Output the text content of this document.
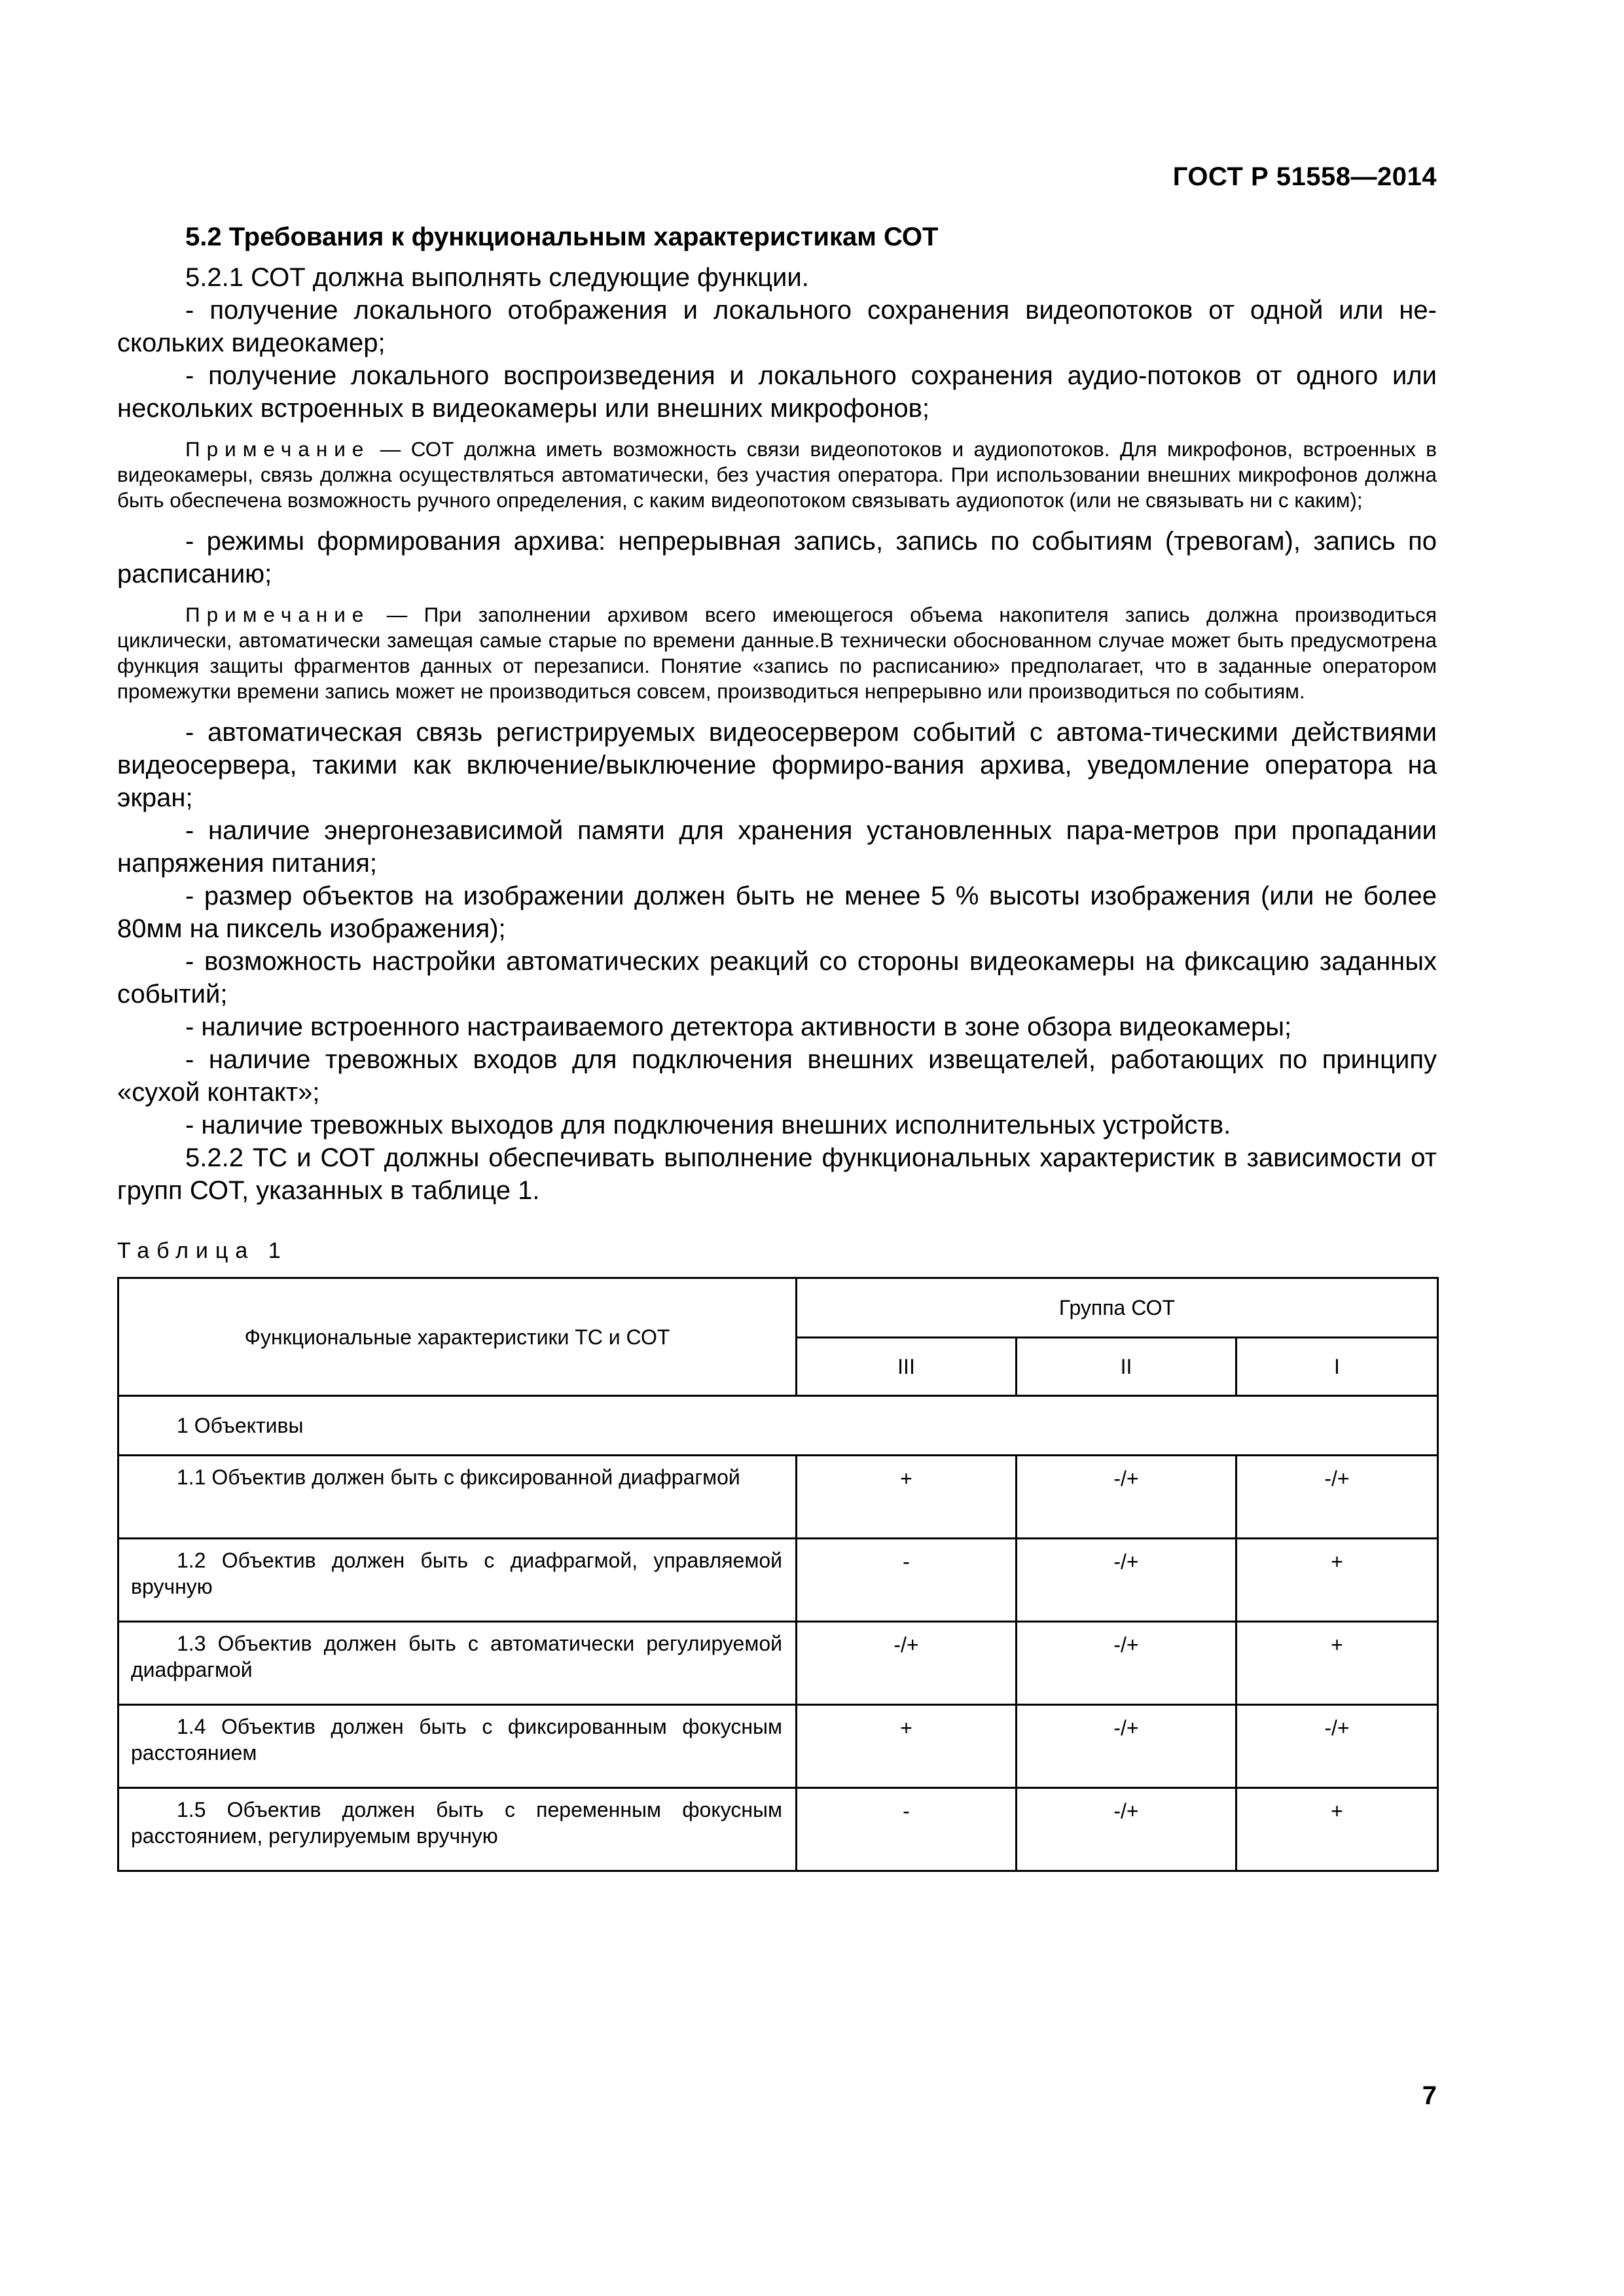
ГОСТ Р 51558—2014
5.2 Требования к функциональным характеристикам СОТ

5.2.1 СОТ должна выполнять следующие функции.

- получение локального отображения и локального сохранения видеопотоков от одной или нескольких видеокамер;

- получение локального воспроизведения и локального сохранения аудио-потоков от одного или нескольких встроенных в видеокамеры или внешних микрофонов;

Примечание — СОТ должна иметь возможность связи видеопотоков и аудиопотоков. Для микрофонов, встроенных в видеокамеры, связь должна осуществляться автоматически, без участия оператора. При использовании внешних микрофонов должна быть обеспечена возможность ручного определения, с каким видеопотоком связывать аудиопоток (или не связывать ни с каким);

- режимы формирования архива: непрерывная запись, запись по событиям (тревогам), запись по расписанию;

Примечание — При заполнении архивом всего имеющегося объема накопителя запись должна производиться циклически, автоматически замещая самые старые по времени данные.В технически обоснованном случае может быть предусмотрена функция защиты фрагментов данных от перезаписи. Понятие «запись по расписанию» предполагает, что в заданные оператором промежутки времени запись может не производиться совсем, производиться непрерывно или производиться по событиям.

- автоматическая связь регистрируемых видеосервером событий с автома-тическими действиями видеосервера, такими как включение/выключение формиро-вания архива, уведомление оператора на экран;

- наличие энергонезависимой памяти для хранения установленных пара-метров при пропадании напряжения питания;

- размер объектов на изображении должен быть не менее 5 % высоты изображения (или не более 80мм на пиксель изображения);

- возможность настройки автоматических реакций со стороны видеокамеры на фиксацию заданных событий;

- наличие встроенного настраиваемого детектора активности в зоне обзора видеокамеры;

- наличие тревожных входов для подключения внешних извещателей, работающих по принципу «сухой контакт»;

- наличие тревожных выходов для подключения внешних исполнительных устройств.

5.2.2 ТС и СОТ должны обеспечивать выполнение функциональных характеристик в зависимости от групп СОТ, указанных в таблице 1.

Таблица 1
Функциональные характеристики ТС и СОТ	Группа СОТ		
	III	II	I
1 Объективы			
1.1 Объектив должен быть с фиксированной диафрагмой	+	-/+	-/+
1.2 Объектив должен быть с диафрагмой, управляемой вручную	-	-/+	+
1.3 Объектив должен быть с автоматически регулируемой диафрагмой	-/+	-/+	+
1.4 Объектив должен быть с фиксированным фокусным расстоянием	+	-/+	-/+
1.5 Объектив должен быть с переменным фокусным расстоянием, регулируемым вручную	-	-/+	+
7
